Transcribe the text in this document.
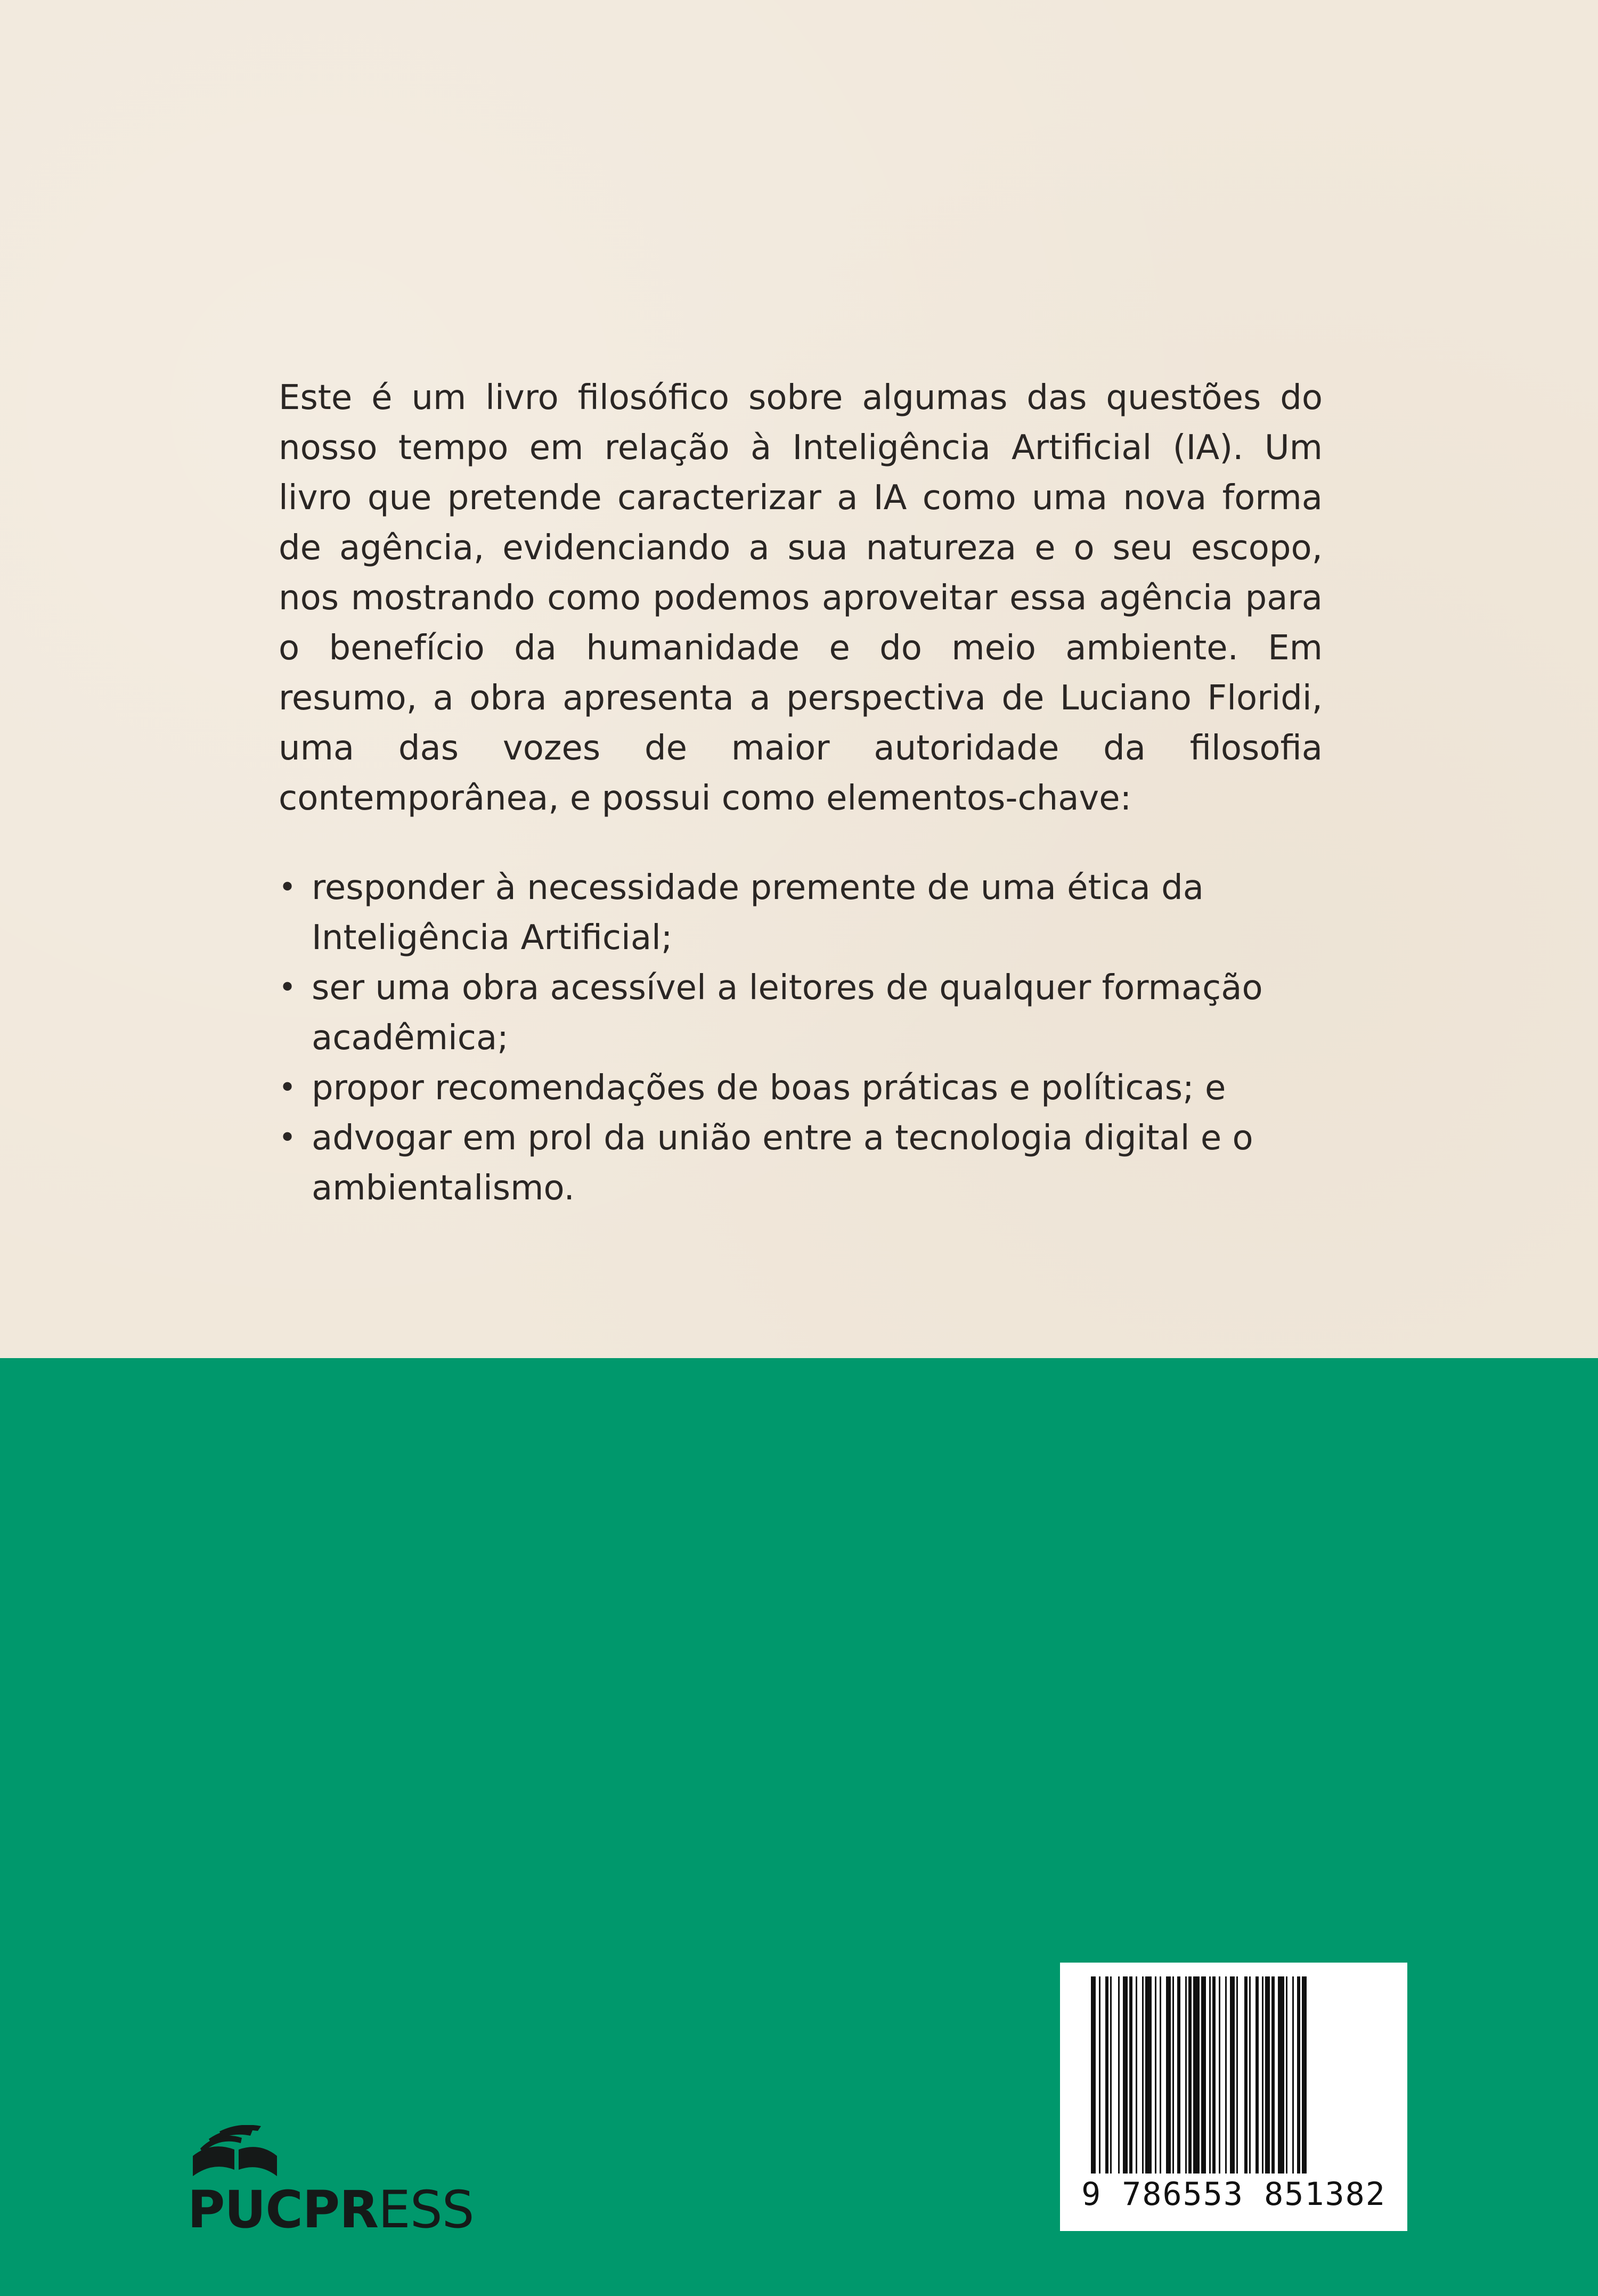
Este é um livro filosófico sobre algumas das questões do nosso tempo em relação à Inteligência Artificial (IA). Um livro que pretende caracterizar a IA como uma nova forma de agência, evidenciando a sua natureza e o seu escopo, nos mostrando como podemos aproveitar essa agência para o benefício da humanidade e do meio ambiente. Em resumo, a obra apresenta a perspectiva de Luciano Floridi, uma das vozes de maior autoridade da filosofia contemporânea, e possui como elementos-chave:

• responder à necessidade premente de uma ética da Inteligência Artificial;
• ser uma obra acessível a leitores de qualquer formação acadêmica;
• propor recomendações de boas práticas e políticas; e
• advogar em prol da união entre a tecnologia digital e o ambientalismo.
PUCPRESS	9 786553 851382
